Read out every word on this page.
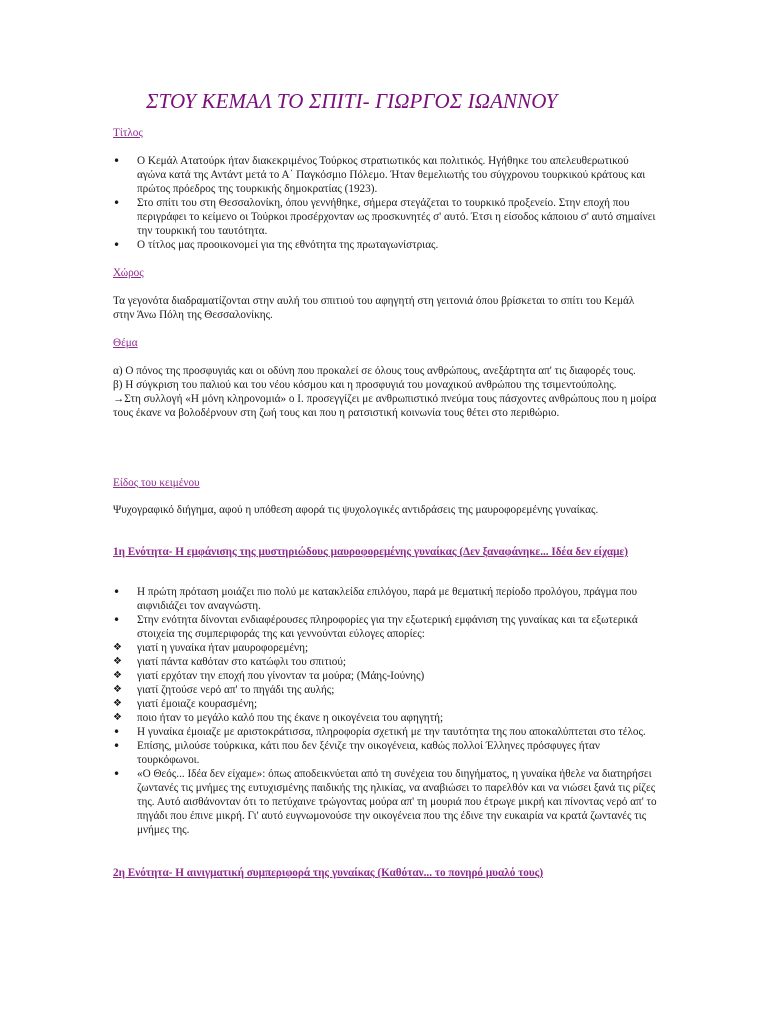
ΣΤΟΥ ΚΕΜΑΛ ΤΟ ΣΠΙΤΙ- ΓΙΩΡΓΟΣ ΙΩΑΝΝΟΥ
Τίτλος
•	Ο Κεμάλ Ατατούρκ ήταν διακεκριμένος Τούρκος στρατιωτικός και πολιτικός. Ηγήθηκε του απελευθερωτικού αγώνα κατά της Αντάντ μετά το Α΄ Παγκόσμιο Πόλεμο. Ήταν θεμελιωτής του σύγχρονου τουρκικού κράτους και πρώτος πρόεδρος της τουρκικής δημοκρατίας (1923).
•	Στο σπίτι του στη Θεσσαλονίκη, όπου γεννήθηκε, σήμερα στεγάζεται το τουρκικό προξενείο. Στην εποχή που περιγράφει το κείμενο οι Τούρκοι προσέρχονταν ως προσκυνητές σ' αυτό. Έτσι η είσοδος κάποιου σ' αυτό σημαίνει την τουρκική του ταυτότητα.
•	Ο τίτλος μας προοικονομεί για της εθνότητα της πρωταγωνίστριας.
Χώρος

Τα γεγονότα διαδραματίζονται στην αυλή του σπιτιού του αφηγητή στη γειτονιά όπου βρίσκεται το σπίτι του Κεμάλ στην Άνω Πόλη της Θεσσαλονίκης.

Θέμα

α) Ο πόνος της προσφυγιάς και οι οδύνη που προκαλεί σε όλους τους ανθρώπους, ανεξάρτητα απ' τις διαφορές τους.

β) Η σύγκριση του παλιού και του νέου κόσμου και η προσφυγιά του μοναχικού ανθρώπου της τσιμεντούπολης.

→Στη συλλογή «Η μόνη κληρονομιά» ο Ι. προσεγγίζει με ανθρωπιστικό πνεύμα τους πάσχοντες ανθρώπους που η μοίρα τους έκανε να βολοδέρνουν στη ζωή τους και που η ρατσιστική κοινωνία τους θέτει στο περιθώριο.

Είδος του κειμένου

Ψυχογραφικό διήγημα, αφού η υπόθεση αφορά τις ψυχολογικές αντιδράσεις της μαυροφορεμένης γυναίκας.

1η Ενότητα- Η εμφάνισης της μυστηριώδους μαυροφορεμένης γυναίκας (Δεν ξαναφάνηκε... Ιδέα δεν είχαμε)
•	Η πρώτη πρόταση μοιάζει πιο πολύ με κατακλείδα επιλόγου, παρά με θεματική περίοδο προλόγου, πράγμα που αιφνιδιάζει τον αναγνώστη.
•	Στην ενότητα δίνονται ενδιαφέρουσες πληροφορίες για την εξωτερική εμφάνιση της γυναίκας και τα εξωτερικά στοιχεία της συμπεριφοράς της και γεννούνται εύλογες απορίες:
❖	γιατί η γυναίκα ήταν μαυροφορεμένη;
❖	γιατί πάντα καθόταν στο κατώφλι του σπιτιού;
❖	γιατί ερχόταν την εποχή που γίνονταν τα μούρα; (Μάης-Ιούνης)
❖	γιατί ζητούσε νερό απ' το πηγάδι της αυλής;
❖	γιατί έμοιαζε κουρασμένη;
❖	ποιο ήταν το μεγάλο καλό που της έκανε η οικογένεια του αφηγητή;
•	Η γυναίκα έμοιαζε με αριστοκράτισσα, πληροφορία σχετική με την ταυτότητα της που αποκαλύπτεται στο τέλος.
•	Επίσης, μιλούσε τούρκικα, κάτι που δεν ξένιζε την οικογένεια, καθώς πολλοί Έλληνες πρόσφυγες ήταν τουρκόφωνοι.
•	«Ο Θεός... Ιδέα δεν είχαμε»: όπως αποδεικνύεται από τη συνέχεια του διηγήματος, η γυναίκα ήθελε να διατηρήσει ζωντανές τις μνήμες της ευτυχισμένης παιδικής της ηλικίας, να αναβιώσει το παρελθόν και να νιώσει ξανά τις ρίζες της. Αυτό αισθάνονταν ότι το πετύχαινε τρώγοντας μούρα απ' τη μουριά που έτρωγε μικρή και πίνοντας νερό απ' το πηγάδι που έπινε μικρή. Γι' αυτό ευγνωμονούσε την οικογένεια που της έδινε την ευκαιρία να κρατά ζωντανές τις μνήμες της.
2η Ενότητα- Η αινιγματική συμπεριφορά της γυναίκας (Καθόταν... το πονηρό μυαλό τους)
